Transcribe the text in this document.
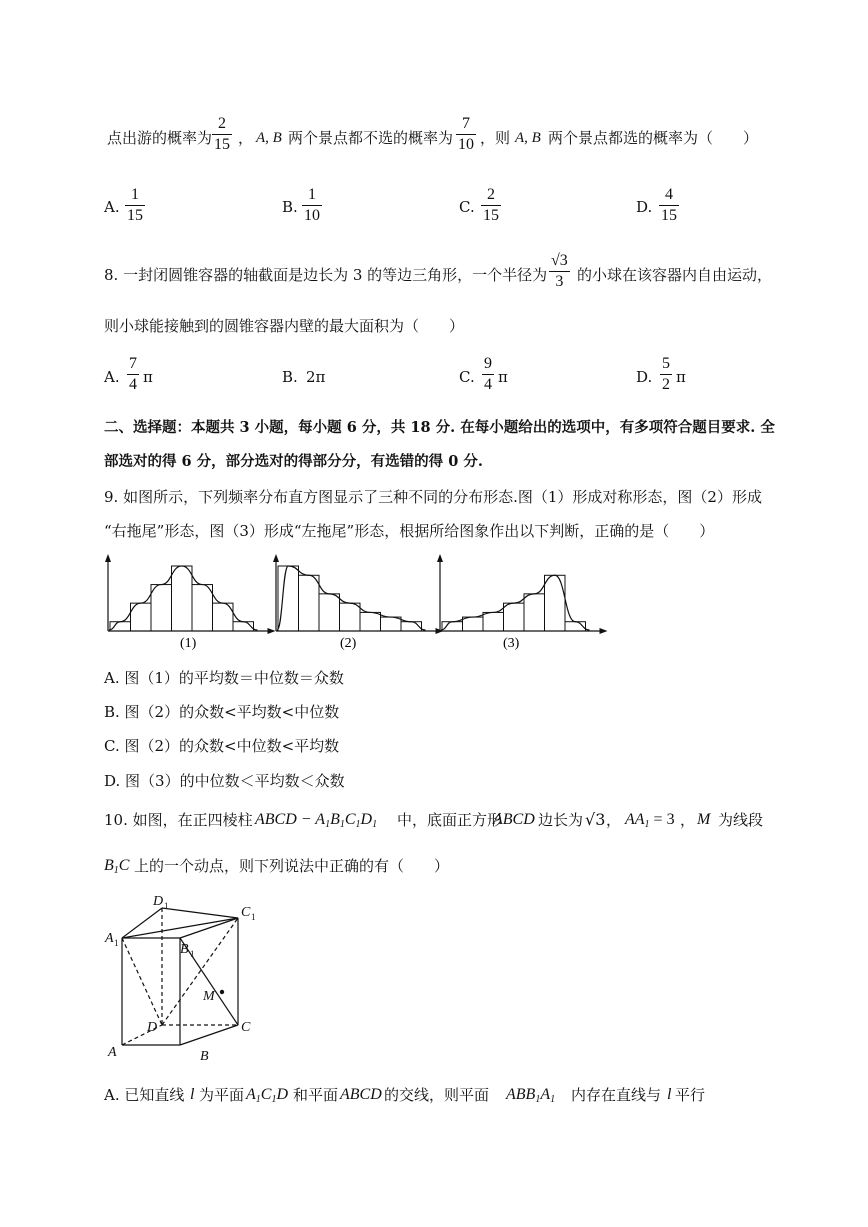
点出游的概率为
2
15 ， A, B 两个景点都不选的概率为
7
10 ，则 A, B 两个景点都选的概率为（　　）
A.
1
15	B.
1
10	C.
2
15	D.
4
15
8. 一封闭圆锥容器的轴截面是边长为 3 的等边三角形，一个半径为
√3
3 的小球在该容器内自由运动，
则小球能接触到的圆锥容器内壁的最大面积为（　　）
A.
7
4 π	B. 2π	C.
9
4 π	D.
5
2 π
二、选择题：本题共 3 小题，每小题 6 分，共 18 分. 在每小题给出的选项中，有多项符合题目要求. 全
部选对的得 6 分，部分选对的得部分分，有选错的得 0 分.
9. 如图所示，下列频率分布直方图显示了三种不同的分布形态.图（1）形成对称形态，图（2）形成
“右拖尾”形态，图（3）形成“左拖尾”形态，根据所给图象作出以下判断，正确的是（　　）
(1)	(2)	(3)
A. 图（1）的平均数＝中位数＝众数
B. 图（2）的众数<平均数<中位数
C. 图（2）的众数<中位数<平均数
D. 图（3）的中位数＜平均数＜众数
10. 如图，在正四棱柱 ABCD − $A_1B_1C_1D_1$ 中，底面正方形
ABCD 边长为 √3 ， $AA_1 = 3$ ， M 为线段
$B_1C$ 上的一个动点，则下列说法中正确的有（　　）
D 1	C 1
A 1	B 1
M
D	C
A	B
A. 已知直线 l 为平面 $A_1C_1D$ 和平面 ABCD 的交线，则平面 $ABB_1A_1$ 内存在直线与 l 平行
